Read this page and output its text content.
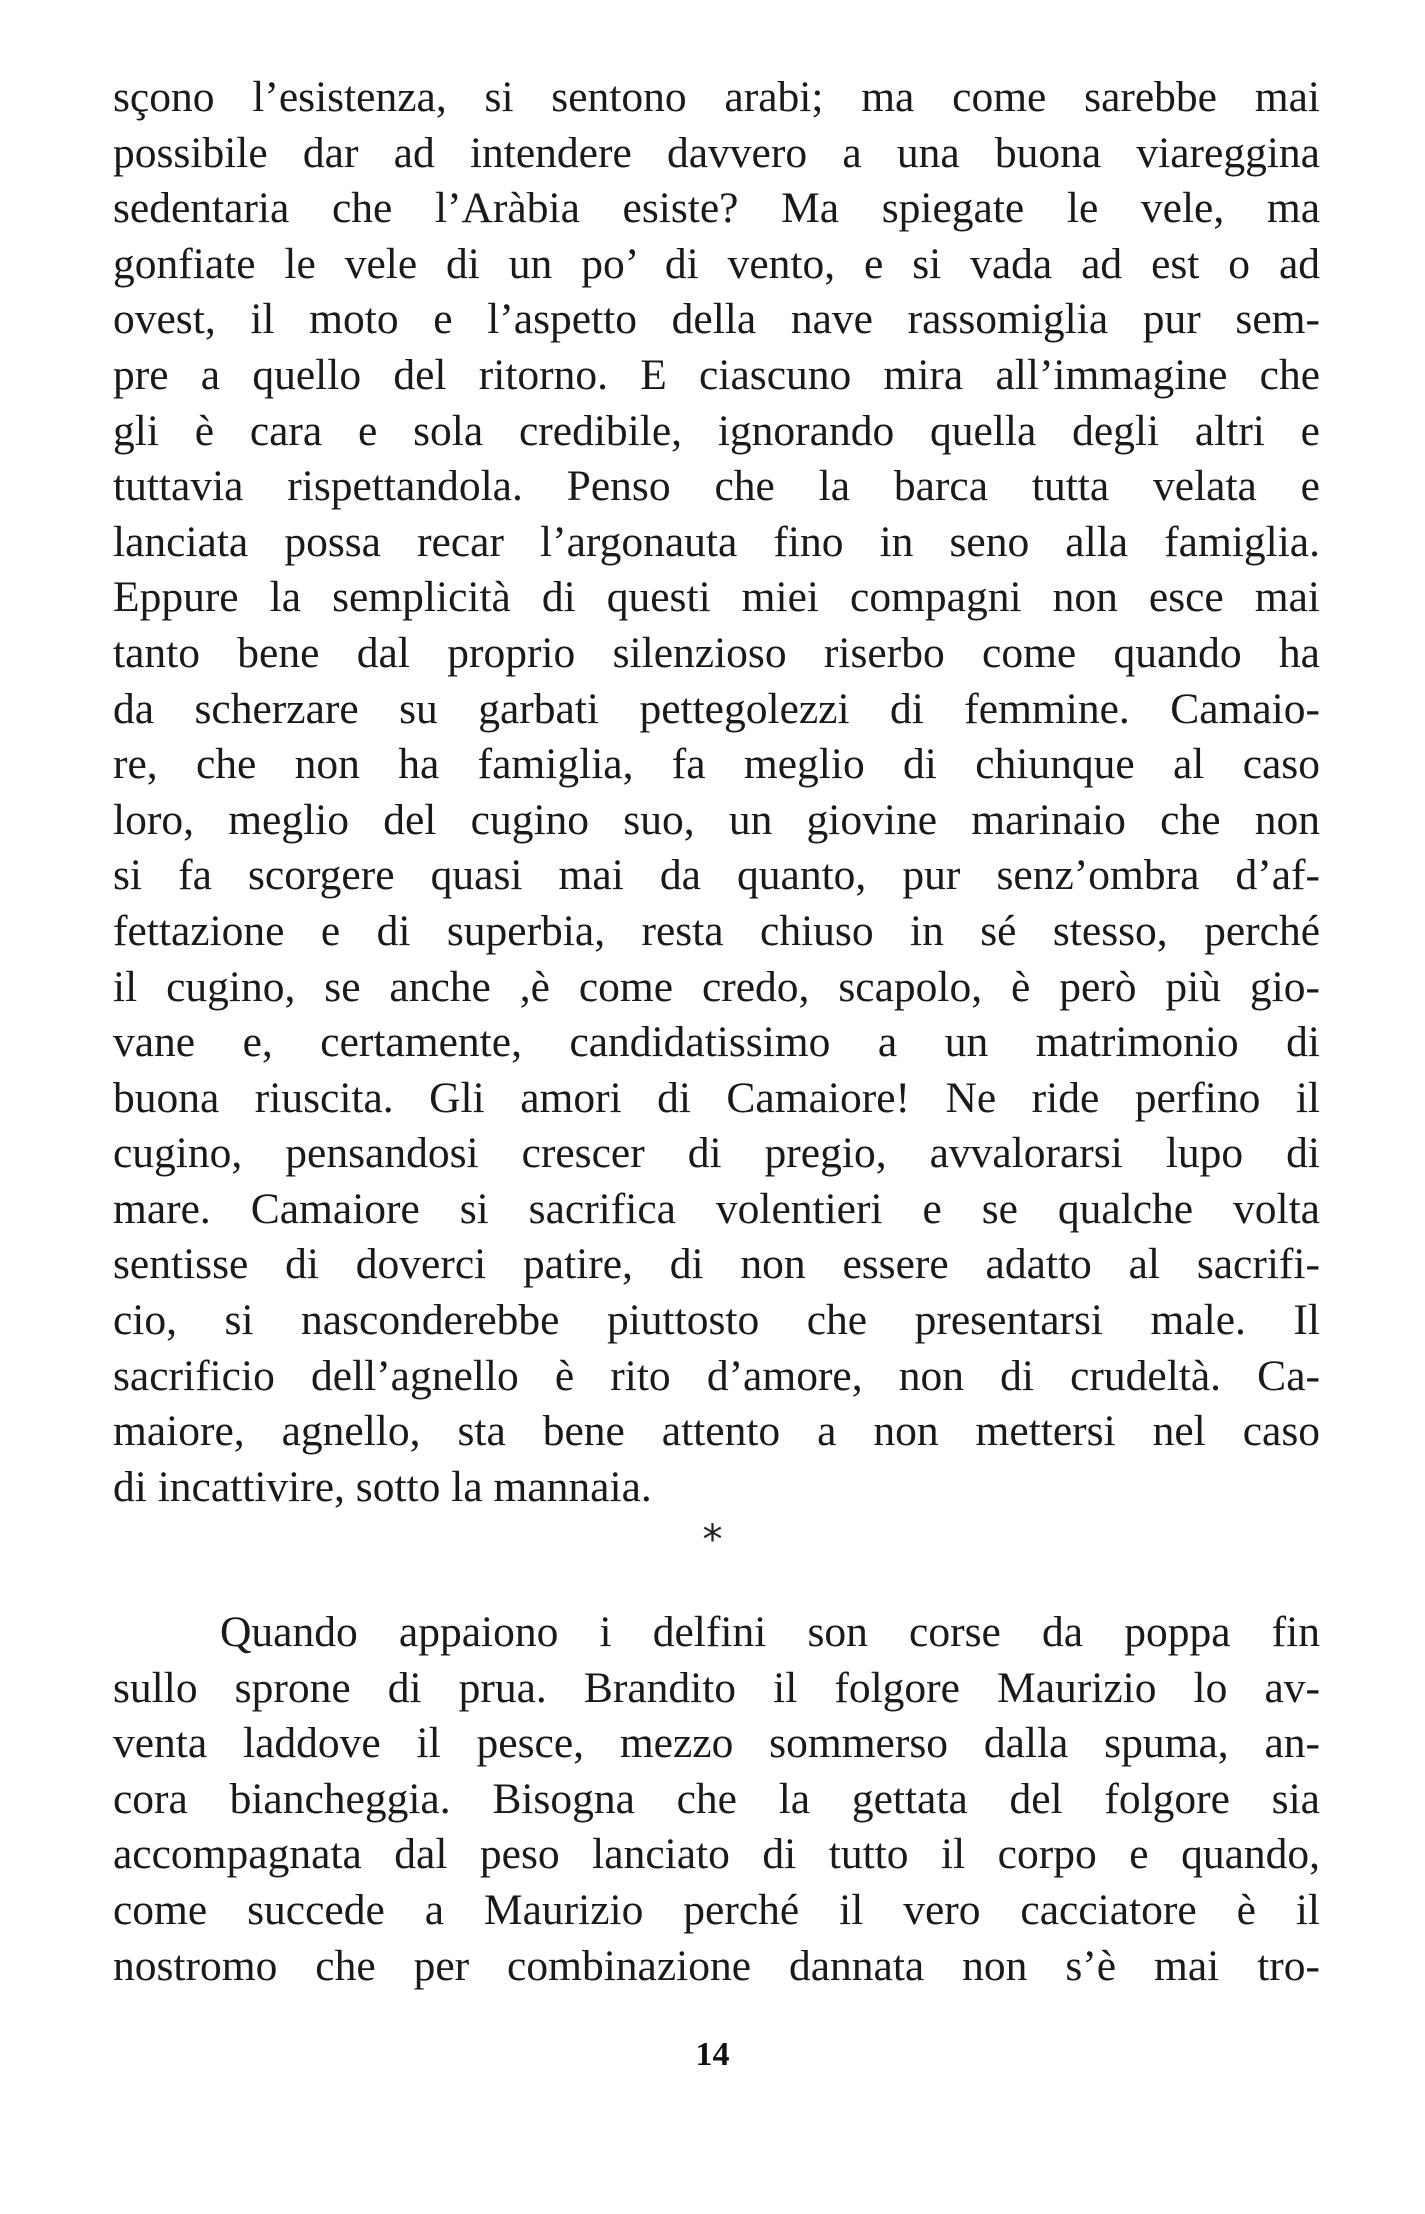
sçono l’esistenza, si sentono arabi; ma come sarebbe mai
possibile dar ad intendere davvero a una buona viareggina
sedentaria che l’Aràbia esiste? Ma spiegate le vele, ma
gonfiate le vele di un po’ di vento, e si vada ad est o ad
ovest, il moto e l’aspetto della nave rassomiglia pur sem-
pre a quello del ritorno. E ciascuno mira all’immagine che
gli è cara e sola credibile, ignorando quella degli altri e
tuttavia rispettandola. Penso che la barca tutta velata e
lanciata possa recar l’argonauta fino in seno alla famiglia.
Eppure la semplicità di questi miei compagni non esce mai
tanto bene dal proprio silenzioso riserbo come quando ha
da scherzare su garbati pettegolezzi di femmine. Camaio-
re, che non ha famiglia, fa meglio di chiunque al caso
loro, meglio del cugino suo, un giovine marinaio che non
si fa scorgere quasi mai da quanto, pur senz’ombra d’af-
fettazione e di superbia, resta chiuso in sé stesso, perché
il cugino, se anche ,è come credo, scapolo, è però più gio-
vane e, certamente, candidatissimo a un matrimonio di
buona riuscita. Gli amori di Camaiore! Ne ride perfino il
cugino, pensandosi crescer di pregio, avvalorarsi lupo di
mare. Camaiore si sacrifica volentieri e se qualche volta
sentisse di doverci patire, di non essere adatto al sacrifi-
cio, si nasconderebbe piuttosto che presentarsi male. Il
sacrificio dell’agnello è rito d’amore, non di crudeltà. Ca-
maiore, agnello, sta bene attento a non mettersi nel caso
di incattivire, sotto la mannaia.
*
Quando appaiono i delfini son corse da poppa fin
sullo sprone di prua. Brandito il folgore Maurizio lo av-
venta laddove il pesce, mezzo sommerso dalla spuma, an-
cora biancheggia. Bisogna che la gettata del folgore sia
accompagnata dal peso lanciato di tutto il corpo e quando,
come succede a Maurizio perché il vero cacciatore è il
nostromo che per combinazione dannata non s’è mai tro-
14
